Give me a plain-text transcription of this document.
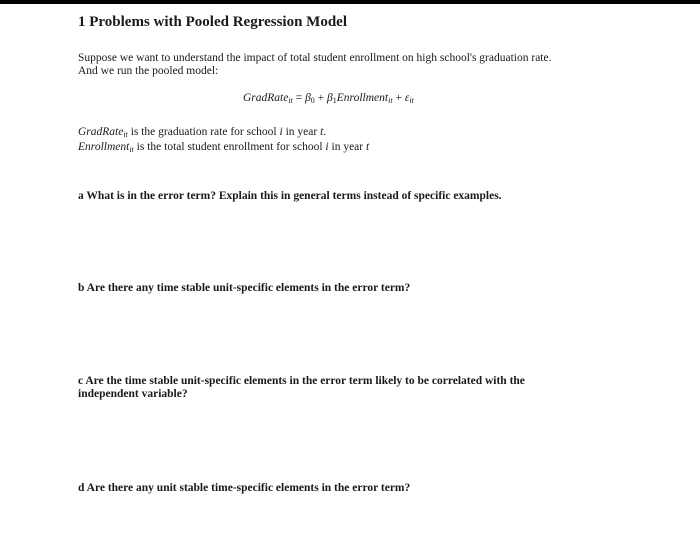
1 Problems with Pooled Regression Model

Suppose we want to understand the impact of total student enrollment on high school's graduation rate.
And we run the pooled model:

GradRate$_{it}$ = $\beta_0$ + $\beta_1Enrollment_{it} + \varepsilon_{it}$

GradRate$_{it}$ is the graduation rate for school i in year t.
Enrollment$_{it}$ is the total student enrollment for school i in year t

a What is in the error term? Explain this in general terms instead of specific examples.

b Are there any time stable unit-specific elements in the error term?

c Are the time stable unit-specific elements in the error term likely to be correlated with the
independent variable?

d Are there any unit stable time-specific elements in the error term?
